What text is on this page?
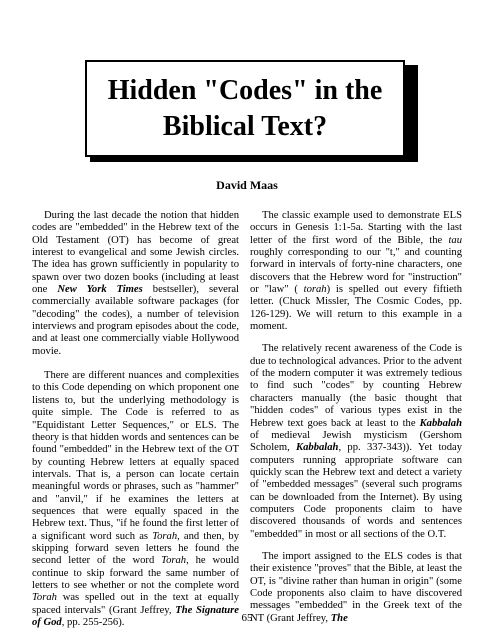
Hidden "Codes" in the
Biblical Text?
David Maas

During the last decade the notion that hidden codes are "embedded" in the Hebrew text of the Old Testament (OT) has become of great interest to evangelical and some Jewish circles. The idea has grown sufficiently in popularity to spawn over two dozen books (including at least one New York Times bestseller), several commercially available software packages (for "decoding" the codes), a number of television interviews and program episodes about the code, and at least one commercially viable Hollywood movie.

There are different nuances and complexities to this Code depending on which proponent one listens to, but the underlying methodology is quite simple. The Code is referred to as "Equidistant Letter Sequences," or ELS. The theory is that hidden words and sentences can be found "embedded" in the Hebrew text of the OT by counting Hebrew letters at equally spaced intervals. That is, a person can locate certain meaningful words or phrases, such as "hammer" and "anvil," if he examines the letters at sequences that were equally spaced in the Hebrew text. Thus, "if he found the first letter of a significant word such as Torah, and then, by skipping forward seven letters he found the second letter of the word Torah, he would continue to skip forward the same number of letters to see whether or not the complete word Torah was spelled out in the text at equally spaced intervals" (Grant Jeffrey, The Signature of God, pp. 255-256).

The classic example used to demonstrate ELS occurs in Genesis 1:1-5a. Starting with the last letter of the first word of the Bible, the tau roughly corresponding to our "t," and counting forward in intervals of forty-nine characters, one discovers that the Hebrew word for "instruction" or "law" ( torah) is spelled out every fiftieth letter. (Chuck Missler, The Cosmic Codes, pp. 126-129). We will return to this example in a moment.

The relatively recent awareness of the Code is due to technological advances. Prior to the advent of the modern computer it was extremely tedious to find such "codes" by counting Hebrew characters manually (the basic thought that "hidden codes" of various types exist in the Hebrew text goes back at least to the Kabbalah of medieval Jewish mysticism (Gershom Scholem, Kabbalah, pp. 337-343)). Yet today computers running appropriate software can quickly scan the Hebrew text and detect a variety of "embedded messages" (several such programs can be downloaded from the Internet). By using computers Code proponents claim to have discovered thousands of words and sentences "embedded" in most or all sections of the O.T.

The import assigned to the ELS codes is that their existence "proves" that the Bible, at least the OT, is "divine rather than human in origin" (some Code proponents also claim to have discovered messages "embedded" in the Greek text of the NT (Grant Jeffrey, The

65
